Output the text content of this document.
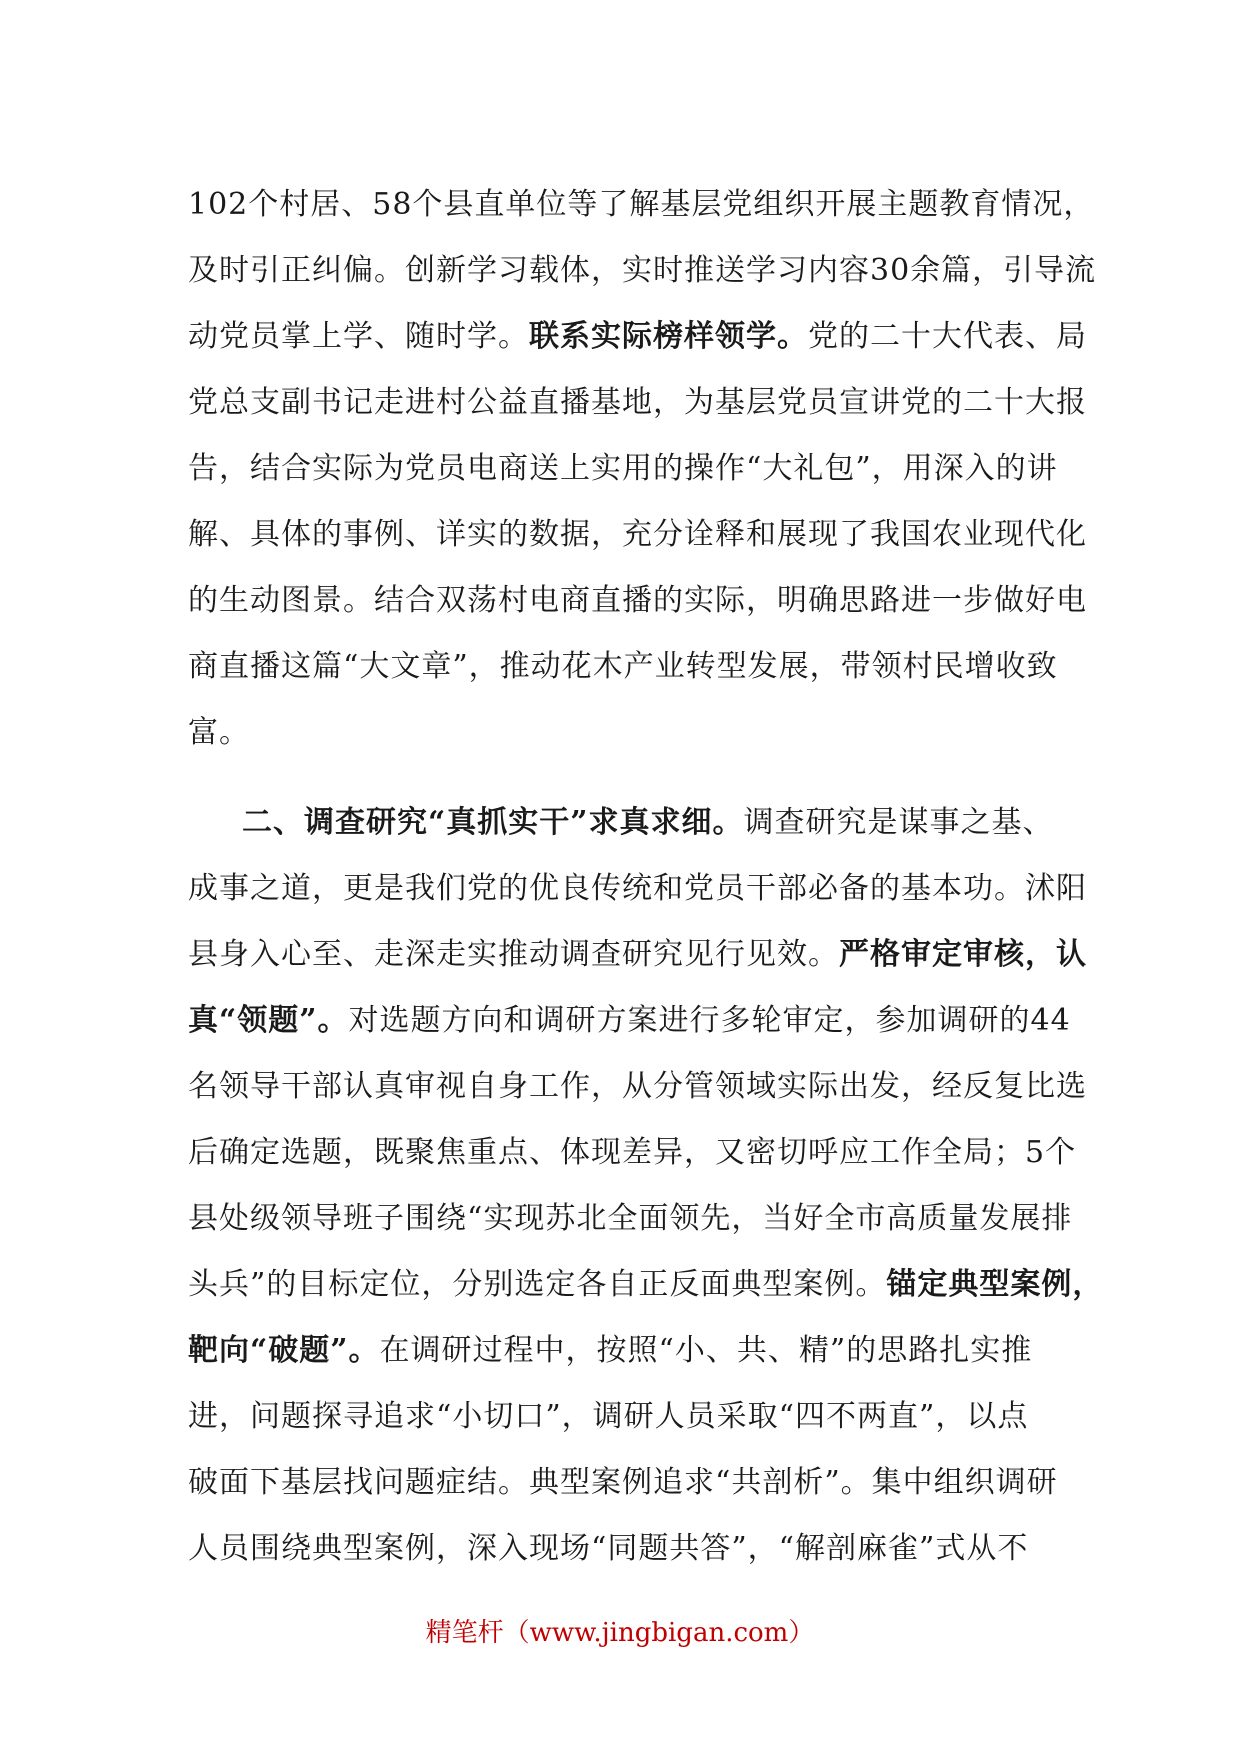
102个村居、58个县直单位等了解基层党组织开展主题教育情况，
及时引正纠偏。创新学习载体，实时推送学习内容30余篇，引导流
动党员掌上学、随时学。联系实际榜样领学。党的二十大代表、局
党总支副书记走进村公益直播基地，为基层党员宣讲党的二十大报
告，结合实际为党员电商送上实用的操作“大礼包”，用深入的讲
解、具体的事例、详实的数据，充分诠释和展现了我国农业现代化
的生动图景。结合双荡村电商直播的实际，明确思路进一步做好电
商直播这篇“大文章”，推动花木产业转型发展，带领村民增收致
富。
二、调查研究“真抓实干”求真求细。调查研究是谋事之基、
成事之道，更是我们党的优良传统和党员干部必备的基本功。沭阳
县身入心至、走深走实推动调查研究见行见效。严格审定审核，认
真“领题”。对选题方向和调研方案进行多轮审定，参加调研的44
名领导干部认真审视自身工作，从分管领域实际出发，经反复比选
后确定选题，既聚焦重点、体现差异，又密切呼应工作全局；5个
县处级领导班子围绕“实现苏北全面领先，当好全市高质量发展排
头兵”的目标定位，分别选定各自正反面典型案例。锚定典型案例，
靶向“破题”。在调研过程中，按照“小、共、精”的思路扎实推
进，问题探寻追求“小切口”，调研人员采取“四不两直”，以点
破面下基层找问题症结。典型案例追求“共剖析”。集中组织调研
人员围绕典型案例，深入现场“同题共答”，“解剖麻雀”式从不
精笔杆（www.jingbigan.com）
